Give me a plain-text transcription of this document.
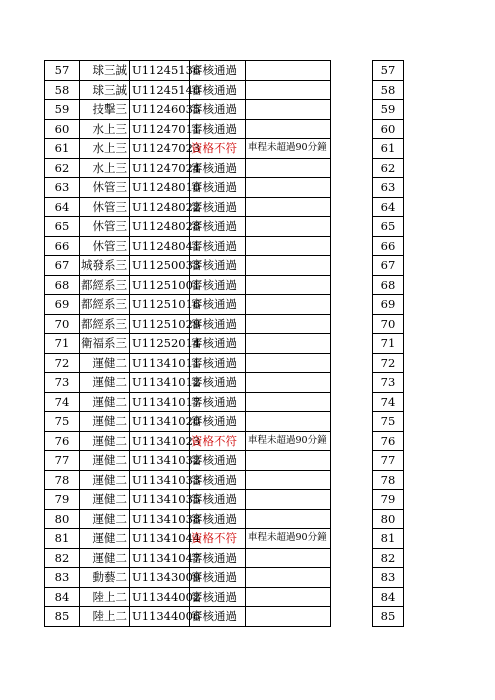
57	球三誠	U11245136	審核通過	
58	球三誠	U11245140	審核通過	
59	技擊三	U11246035	審核通過	
60	水上三	U11247011	審核通過	
61	水上三	U11247023	資格不符	車程未超過90分鐘
62	水上三	U11247024	審核通過	
63	休管三	U11248010	審核通過	
64	休管三	U11248022	審核通過	
65	休管三	U11248028	審核通過	
66	休管三	U11248041	審核通過	
67	城發系三	U11250033	審核通過	
68	都經系三	U11251001	審核通過	
69	都經系三	U11251016	審核通過	
70	都經系三	U11251029	審核通過	
71	衛福系三	U11252014	審核通過	
72	運健二	U11341011	審核通過	
73	運健二	U11341012	審核通過	
74	運健二	U11341017	審核通過	
75	運健二	U11341020	審核通過	
76	運健二	U11341023	資格不符	車程未超過90分鐘
77	運健二	U11341032	審核通過	
78	運健二	U11341033	審核通過	
79	運健二	U11341035	審核通過	
80	運健二	U11341038	審核通過	
81	運健二	U11341044	資格不符	車程未超過90分鐘
82	運健二	U11341047	審核通過	
83	動藝二	U11343009	審核通過	
84	陸上二	U11344002	審核通過	
85	陸上二	U11344006	審核通過	
57
58
59
60
61
62
63
64
65
66
67
68
69
70
71
72
73
74
75
76
77
78
79
80
81
82
83
84
85
